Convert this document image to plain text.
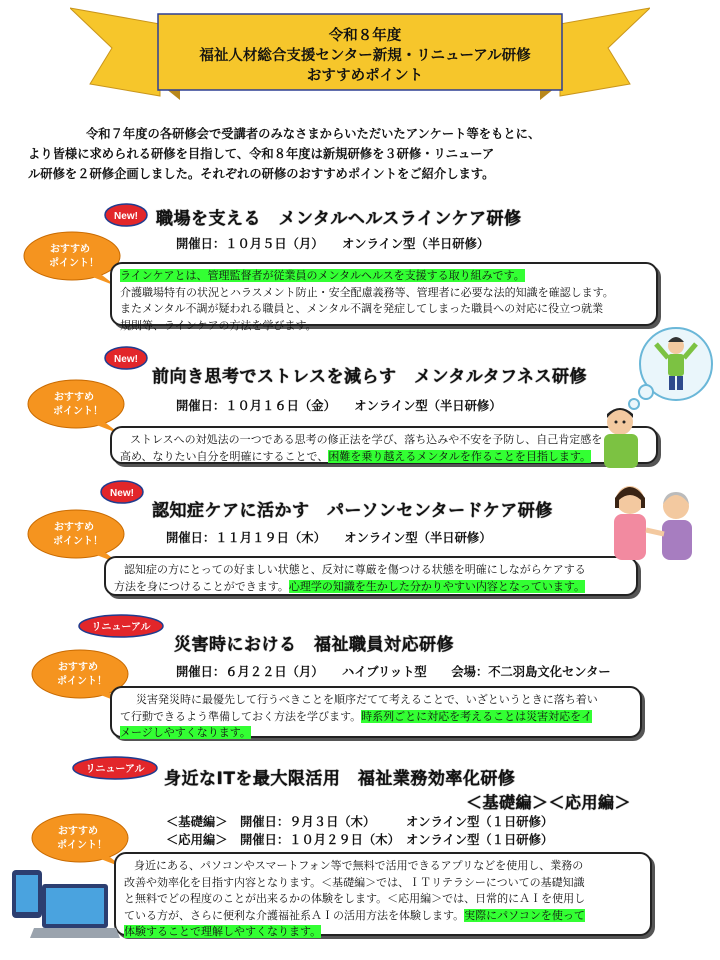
令和８年度
福祉人材総合支援センター新規・リニューアル研修
おすすめポイント
令和７年度の各研修会で受講者のみなさまからいただいたアンケート等をもとに、
より皆様に求められる研修を目指して、令和８年度は新規研修を３研修・リニューア
ル研修を２研修企画しました。それぞれの研修のおすすめポイントをご紹介します。
New! 職場を支える　メンタルヘルスラインケア研修
おすすめ
ポイント！
開催日：１０月５日（月）　　オンライン型（半日研修）
ラインケアとは、管理監督者が従業員のメンタルヘルスを支援する取り組みです。
介護職場特有の状況とハラスメント防止・安全配慮義務等、管理者に必要な法的知識を確認します。
またメンタル不調が疑われる職員と、メンタル不調を発症してしまった職員への対応に役立つ就業
規則等、ラインケアの方法を学びます。
New!
前向き思考でストレスを減らす　メンタルタフネス研修
おすすめ
ポイント！	開催日：１０月１６日（金）　　オンライン型（半日研修）
ストレスへの対処法の一つである思考の修正法を学び、落ち込みや不安を予防し、自己肯定感を
高め、なりたい自分を明確にすることで、困難を乗り越えるメンタルを作ることを目指します。
New!
認知症ケアに活かす　パーソンセンタードケア研修
おすすめ
ポイント！	開催日：１１月１９日（木）　　オンライン型（半日研修）
認知症の方にとっての好ましい状態と、反対に尊厳を傷つける状態を明確にしながらケアする
方法を身につけることができます。心理学の知識を生かした分かりやすい内容となっています。
リニューアル
災害時における　福祉職員対応研修
おすすめ
ポイント！
開催日：６月２２日（月）　　ハイブリット型　　会場：不二羽島文化センター
災害発災時に最優先して行うべきことを順序だてて考えることで、いざというときに落ち着い
て行動できるよう準備しておく方法を学びます。時系列ごとに対応を考えることは災害対応をイ
メージしやすくなります。
リニューアル 身近なITを最大限活用　福祉業務効率化研修
＜基礎編＞＜応用編＞
おすすめ
ポイント！
＜基礎編＞ 開催日：９月３日（木）　　　オンライン型（１日研修）
＜応用編＞ 開催日：１０月２９日（木）　オンライン型（１日研修）
身近にある、パソコンやスマートフォン等で無料で活用できるアプリなどを使用し、業務の
改善や効率化を目指す内容となります。＜基礎編＞では、ＩＴリテラシーについての基礎知識
と無料でどの程度のことが出来るかの体験をします。＜応用編＞では、日常的にＡＩを使用し
ている方が、さらに便利な介護福祉系ＡＩの活用方法を体験します。実際にパソコンを使って
体験することで理解しやすくなります。
